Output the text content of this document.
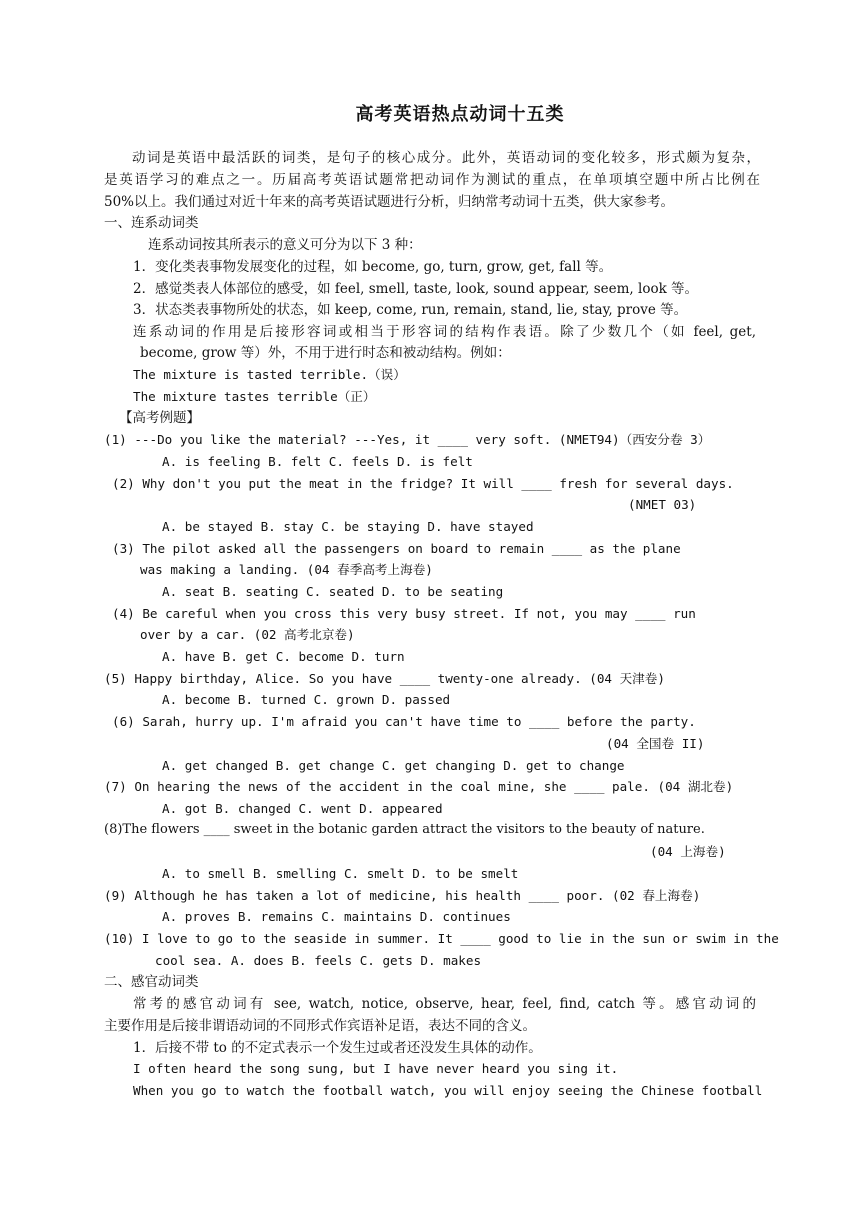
高考英语热点动词十五类
动词是英语中最活跃的词类，是句子的核心成分。此外，英语动词的变化较多，形式颇为复杂，
是英语学习的难点之一。历届高考英语试题常把动词作为测试的重点，在单项填空题中所占比例在
50%以上。我们通过对近十年来的高考英语试题进行分析，归纳常考动词十五类，供大家参考。
一、连系动词类
连系动词按其所表示的意义可分为以下 3 种：
1．变化类表事物发展变化的过程，如 become, go, turn, grow, get, fall 等。
2．感觉类表人体部位的感受，如 feel, smell, taste, look, sound appear, seem, look 等。
3．状态类表事物所处的状态，如 keep, come, run, remain, stand, lie, stay, prove 等。
连系动词的作用是后接形容词或相当于形容词的结构作表语。除了少数几个（如 feel, get,
become, grow 等）外，不用于进行时态和被动结构。例如：
The mixture is tasted terrible.（误）
The mixture tastes terrible（正）
【高考例题】
(1) ---Do you like the material? ---Yes, it ____ very soft. (NMET94)（西安分卷 3）
A. is feeling B. felt C. feels D. is felt
(2) Why don't you put the meat in the fridge? It will ____ fresh for several days.
(NMET 03)
A. be stayed B. stay C. be staying D. have stayed
(3) The pilot asked all the passengers on board to remain ____ as the plane
was making a landing. (04 春季高考上海卷)
A. seat B. seating C. seated D. to be seating
(4) Be careful when you cross this very busy street. If not, you may ____ run
over by a car. (02 高考北京卷)
A. have B. get C. become D. turn
(5) Happy birthday, Alice. So you have ____ twenty-one already. (04 天津卷)
A. become B. turned C. grown D. passed
(6) Sarah, hurry up. I'm afraid you can't have time to ____ before the party.
(04 全国卷 II)
A. get changed B. get change C. get changing D. get to change
(7) On hearing the news of the accident in the coal mine, she ____ pale. (04 湖北卷)
A. got B. changed C. went D. appeared
(8)The flowers ____ sweet in the botanic garden attract the visitors to the beauty of nature.
(04 上海卷)
A. to smell B. smelling C. smelt D. to be smelt
(9) Although he has taken a lot of medicine, his health ____ poor. (02 春上海卷)
A. proves B. remains C. maintains D. continues
(10) I love to go to the seaside in summer. It ____ good to lie in the sun or swim in the
cool sea. A. does B. feels C. gets D. makes
二、感官动词类
常考的感官动词有 see, watch, notice, observe, hear, feel, find, catch 等。感官动词的
主要作用是后接非谓语动词的不同形式作宾语补足语，表达不同的含义。
1．后接不带 to 的不定式表示一个发生过或者还没发生具体的动作。
I often heard the song sung, but I have never heard you sing it.
When you go to watch the football watch, you will enjoy seeing the Chinese football
